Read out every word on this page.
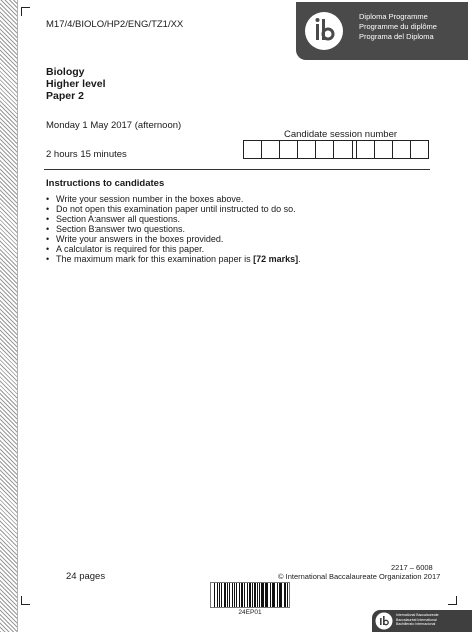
M17/4/BIOLO/HP2/ENG/TZ1/XX
Diploma Programme
Programme du diplôme
Programa del Diploma
Biology
Higher level
Paper 2
Monday 1 May 2017 (afternoon)
Candidate session number
2 hours 15 minutes
Instructions to candidates
• Write your session number in the boxes above.
• Do not open this examination paper until instructed to do so.
• Section A:answer all questions.
• Section B:answer two questions.
• Write your answers in the boxes provided.
• A calculator is required for this paper.
• The maximum mark for this examination paper is [72 marks].
2217 – 6008
24 pages	© International Baccalaureate Organization 2017
24EP01	International Baccalaureate
Baccalauréat International
Bachillerato Internacional
